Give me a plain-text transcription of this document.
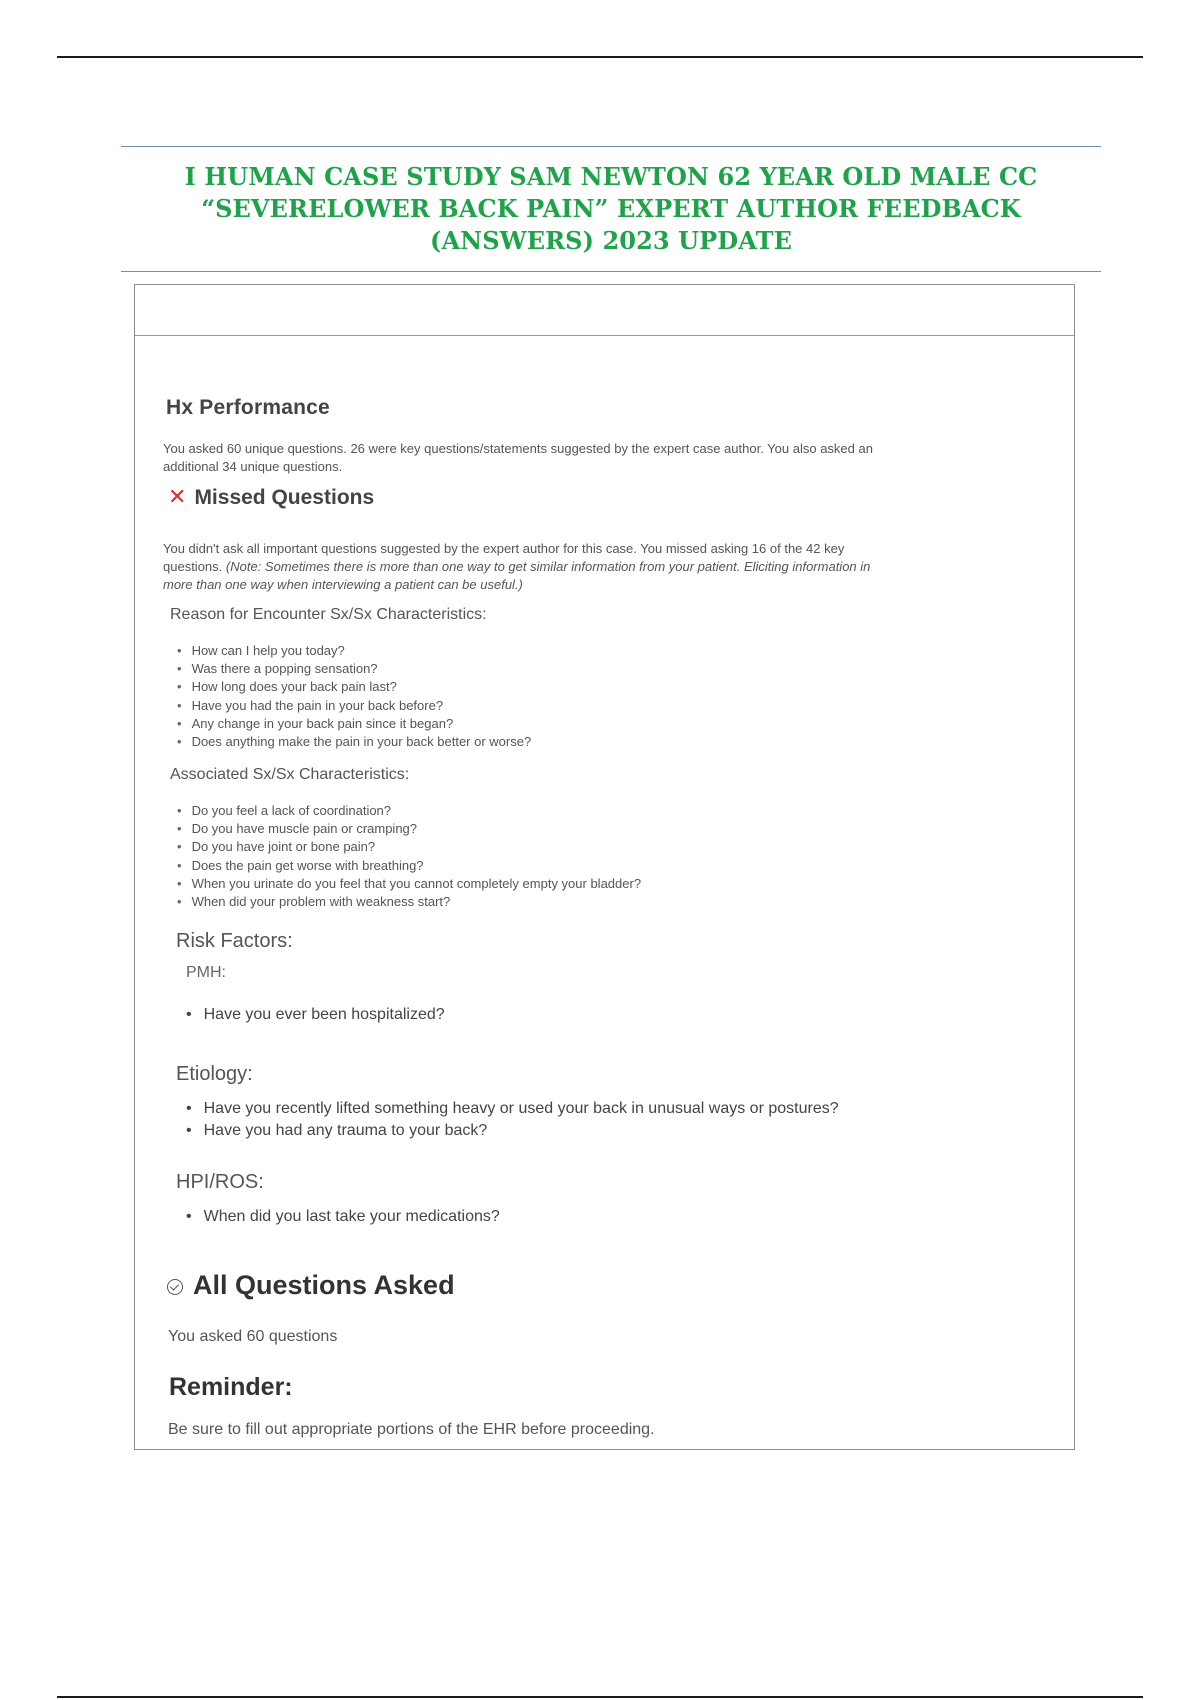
I HUMAN CASE STUDY SAM NEWTON 62 YEAR OLD MALE CC
“SEVERELOWER BACK PAIN” EXPERT AUTHOR FEEDBACK
(ANSWERS) 2023 UPDATE
Hx Performance

You asked 60 unique questions. 26 were key questions/statements suggested by the expert case author. You also asked an
additional 34 unique questions.

✕ Missed Questions

You didn't ask all important questions suggested by the expert author for this case. You missed asking 16 of the 42 key
questions. (Note: Sometimes there is more than one way to get similar information from your patient. Eliciting information in
more than one way when interviewing a patient can be useful.)

Reason for Encounter Sx/Sx Characteristics:
• How can I help you today?
• Was there a popping sensation?
• How long does your back pain last?
• Have you had the pain in your back before?
• Any change in your back pain since it began?
• Does anything make the pain in your back better or worse?
Associated Sx/Sx Characteristics:
• Do you feel a lack of coordination?
• Do you have muscle pain or cramping?
• Do you have joint or bone pain?
• Does the pain get worse with breathing?
• When you urinate do you feel that you cannot completely empty your bladder?
• When did your problem with weakness start?
Risk Factors:
PMH:
• Have you ever been hospitalized?
Etiology:
• Have you recently lifted something heavy or used your back in unusual ways or postures?
• Have you had any trauma to your back?
HPI/ROS:
• When did you last take your medications?
All Questions Asked

You asked 60 questions

Reminder:

Be sure to fill out appropriate portions of the EHR before proceeding.
